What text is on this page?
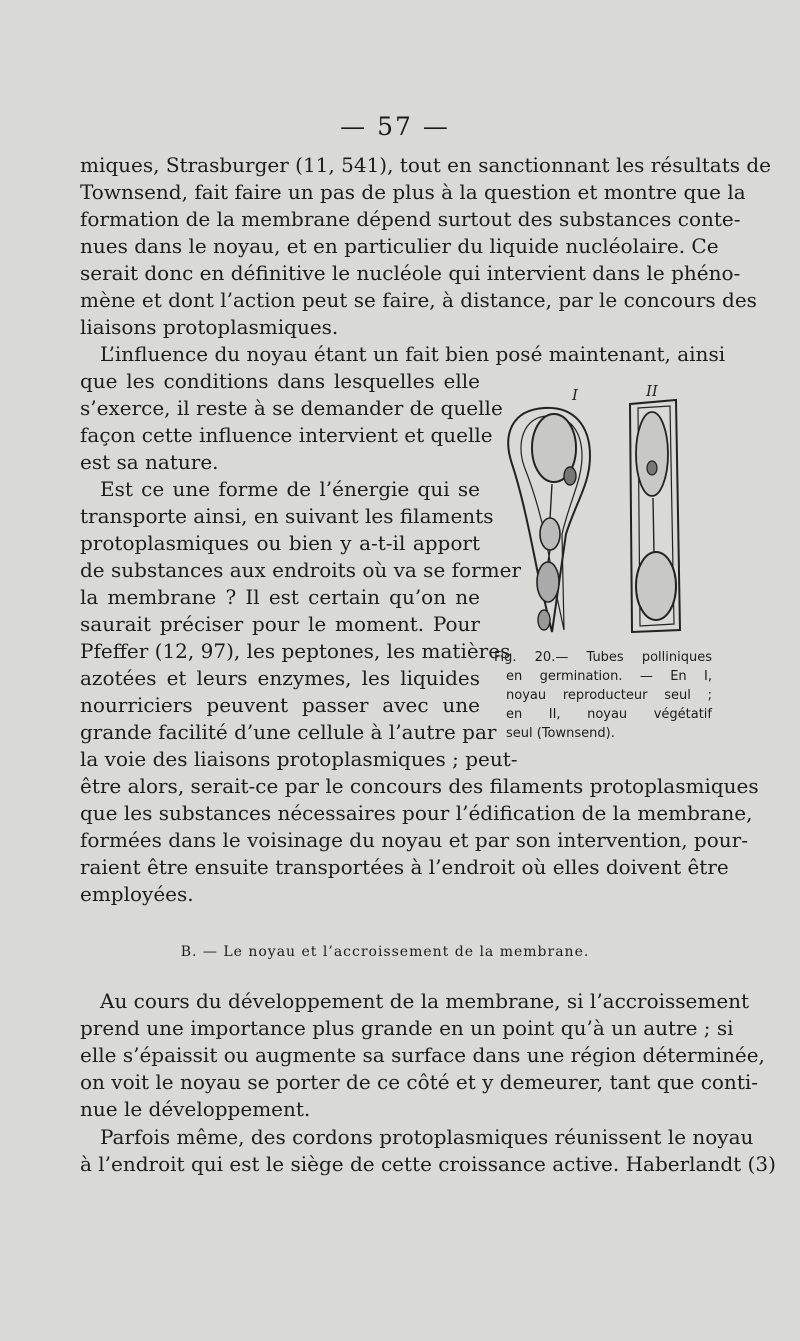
— 57 —
miques, Strasburger (11, 541), tout en sanctionnant les résultats de
Townsend, fait faire un pas de plus à la question et montre que la
formation de la membrane dépend surtout des substances conte-
nues dans le noyau, et en particulier du liquide nucléolaire. Ce
serait donc en définitive le nucléole qui intervient dans le phéno-
mène et dont l’action peut se faire, à distance, par le concours des
liaisons protoplasmiques.
L’influence du noyau étant un fait bien posé maintenant, ainsi
que les conditions dans lesquelles elle
s’exerce, il reste à se demander de quelle
façon cette influence intervient et quelle
est sa nature.
Est ce une forme de l’énergie qui se
transporte ainsi, en suivant les filaments
protoplasmiques ou bien y a-t-il apport
de substances aux endroits où va se former
la membrane ? Il est certain qu’on ne
saurait préciser pour le moment. Pour
Pfeffer (12, 97), les peptones, les matières
azotées et leurs enzymes, les liquides
nourriciers peuvent passer avec une
grande facilité d’une cellule à l’autre par
la voie des liaisons protoplasmiques ; peut-
être alors, serait-ce par le concours des filaments protoplasmiques
que les substances nécessaires pour l’édification de la membrane,
formées dans le voisinage du noyau et par son intervention, pour-
raient être ensuite transportées à l’endroit où elles doivent être
employées.
I	II
Fig. 20.— Tubes polliniques
en germination. — En I,
noyau reproducteur seul ;
en II, noyau végétatif
seul (Townsend).
B. — Le noyau et l’accroissement de la membrane.
Au cours du développement de la membrane, si l’accroissement
prend une importance plus grande en un point qu’à un autre ; si
elle s’épaissit ou augmente sa surface dans une région déterminée,
on voit le noyau se porter de ce côté et y demeurer, tant que conti-
nue le développement.
Parfois même, des cordons protoplasmiques réunissent le noyau
à l’endroit qui est le siège de cette croissance active. Haberlandt (3)
